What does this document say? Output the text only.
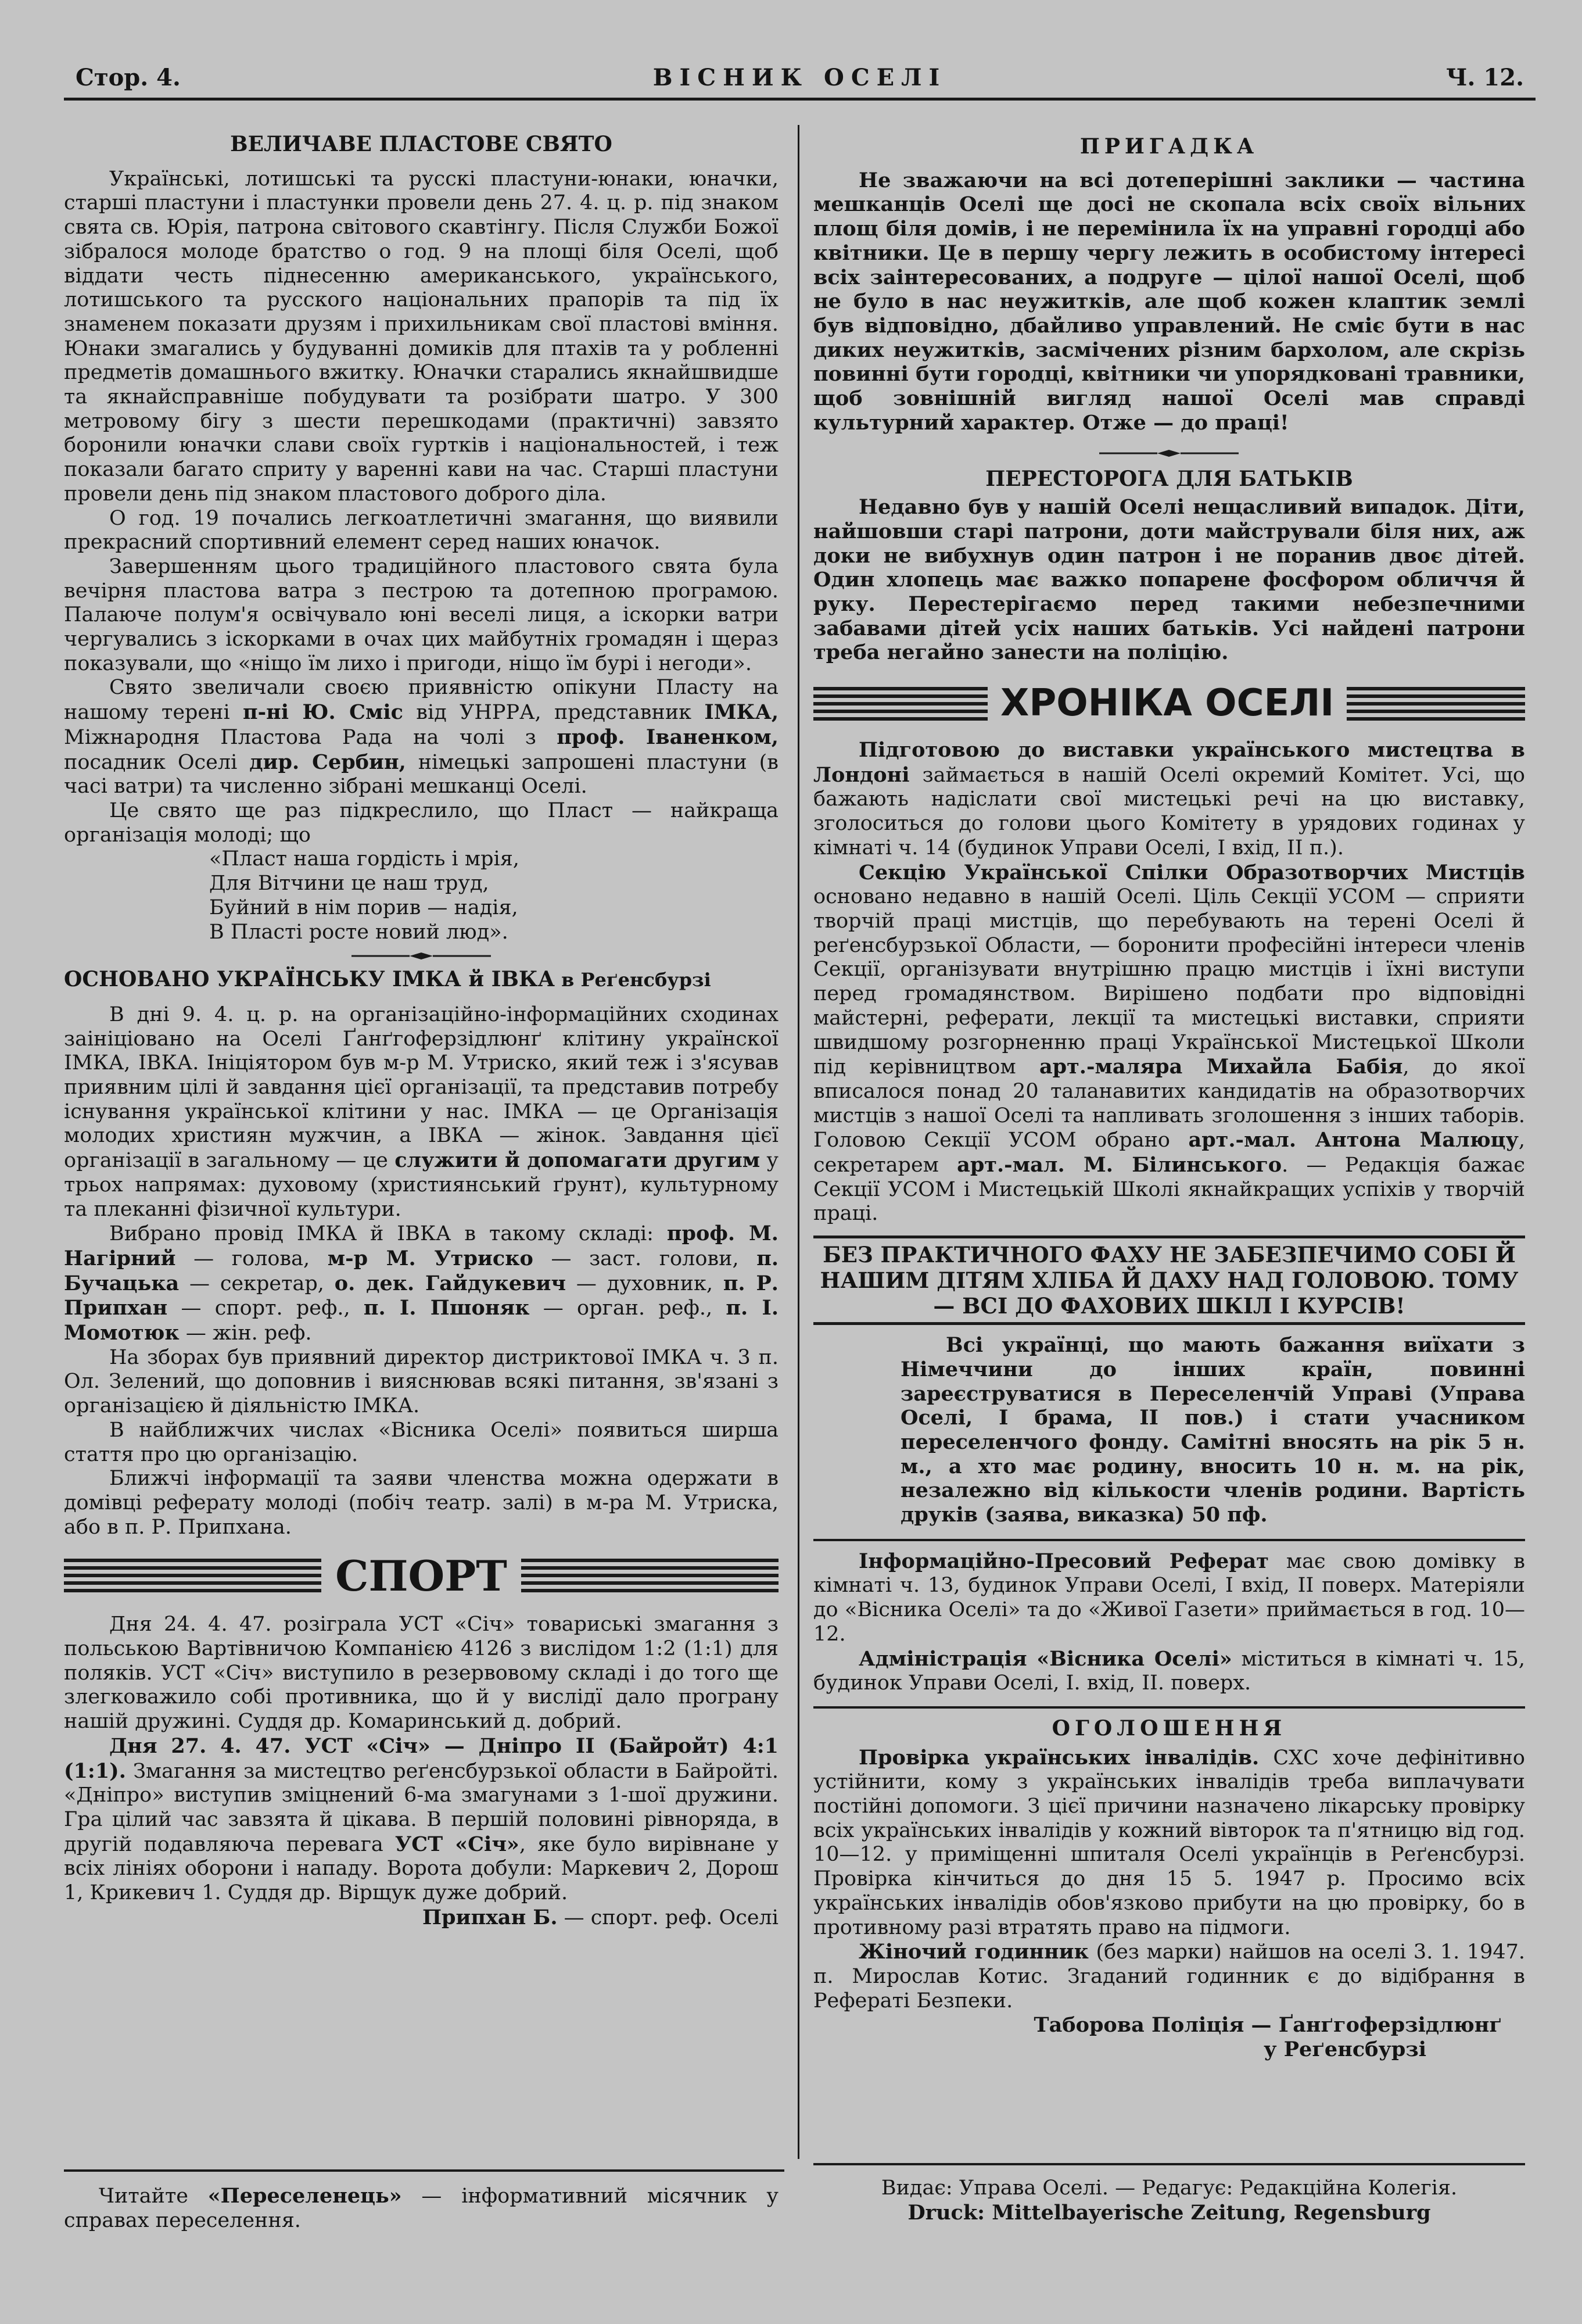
Стор. 4.	ВІСНИК ОСЕЛІ	Ч. 12.

ВЕЛИЧАВЕ ПЛАСТОВЕ СВЯТО

Українські, лотишські та русскі пластуни-юнаки, юначки, старші пластуни і пластунки провели день 27. 4. ц. р. під знаком свята св. Юрія, патрона світового скавтінгу. Після Служби Божої зібралося молоде братство о год. 9 на площі біля Оселі, щоб віддати честь піднесенню американського, українського, лотишського та русского національних прапорів та під їх знаменем показати друзям і прихильникам свої пластові вміння. Юнаки змагались у будуванні домиків для птахів та у робленні предметів домашнього вжитку. Юначки старались якнайшвидше та якнайсправніше побудувати та розібрати шатро. У 300 метровому бігу з шести перешкодами (практичні) завзято боронили юначки слави своїх гуртків і національностей, і теж показали багато сприту у варенні кави на час. Старші пластуни провели день під знаком пластового доброго діла.

О год. 19 почались легкоатлетичні змагання, що виявили прекрасний спортивний елемент серед наших юначок.

Завершенням цього традиційного пластового свята була вечірня пластова ватра з пестрою та дотепною програмою. Палаюче полум'я освічувало юні веселі лиця, а іскорки ватри чергувались з іскорками в очах цих майбутніх громадян і щераз показували, що «ніщо їм лихо і пригоди, ніщо їм бурі і негоди».

Свято звеличали своєю приявністю опікуни Пласту на нашому терені п-ні Ю. Сміс від УНРРА, представник ІМКА, Міжнародня Пластова Рада на чолі з проф. Іваненком, посадник Оселі дир. Сербин, німецькі запрошені пластуни (в часі ватри) та численно зібрані мешканці Оселі.

Це свято ще раз підкреслило, що Пласт — найкраща організація молоді; що

«Пласт наша гордість і мрія,
Для Вітчини це наш труд,
Буйний в нім порив — надія,
В Пласті росте новий люд».

ОСНОВАНО УКРАЇНСЬКУ ІМКА й ІВКА в Реґенсбурзі

В дні 9. 4. ц. р. на організаційно-інформаційних сходинах заініціовано на Оселі Ґанґгоферзідлюнґ клітину українскої ІМКА, ІВКА. Ініціятором був м-р М. Утриско, який теж і з'ясував приявним цілі й завдання цієї організації, та представив потребу існування української клітини у нас. ІМКА — це Організація молодих християн мужчин, а ІВКА — жінок. Завдання цієї організації в загальному — це служити й допомагати другим у трьох напрямах: духовому (християнський ґрунт), культурному та плеканні фізичної культури.

Вибрано провід ІМКА й ІВКА в такому складі: проф. М. Нагірний — голова, м-р М. Утриско — заст. голови, п. Бучацька — секретар, о. дек. Гайдукевич — духовник, п. Р. Припхан — спорт. реф., п. І. Пшоняк — орган. реф., п. І. Момотюк — жін. реф.

На зборах був приявний директор дистриктової ІМКА ч. 3 п. Ол. Зелений, що доповнив і вияснював всякі питання, зв'язані з організацією й діяльністю ІМКА.

В найближчих числах «Вісника Оселі» появиться ширша стаття про цю організацію.

Ближчі інформації та заяви членства можна одержати в домівці реферату молоді (побіч театр. залі) в м-ра М. Утриска, або в п. Р. Припхана.

СПОРТ

Дня 24. 4. 47. розіграла УСТ «Січ» товариські змагання з польською Вартівничою Компанією 4126 з вислідом 1:2 (1:1) для поляків. УСТ «Січ» виступило в резервовому складі і до того ще злегковажило собі противника, що й у вислідї дало програну нашій дружині. Суддя др. Комаринський д. добрий.

Дня 27. 4. 47. УСТ «Січ» — Дніпро II (Байройт) 4:1 (1:1). Змагання за мистецтво реґенсбурзької области в Байройті. «Дніпро» виступив зміцнений 6-ма змагунами з 1-шої дружини. Гра цілий час завзята й цікава. В першій половині рівноряда, в другій подавляюча перевага УСТ «Січ», яке було вирівнане у всіх лініях оборони і нападу. Ворота добули: Маркевич 2, Дорош 1, Крикевич 1. Суддя др. Вірщук дуже добрий.

Припхан Б. — спорт. реф. Оселі

Читайте «Переселенець» — інформативний місячник у справах переселення.

ПРИГАДКА

Не зважаючи на всі дотеперішні заклики — частина мешканців Оселі ще досі не скопала всіх своїх вільних площ біля домів, і не перемінила їх на управні городці або квітники. Це в першу чергу лежить в особистому інтересі всіх заінтересованих, а подруге — цілої нашої Оселі, щоб не було в нас неужитків, але щоб кожен клаптик землі був відповідно, дбайливо управлений. Не сміє бути в нас диких неужитків, засмічених різним бархолом, але скрізь повинні бути городці, квітники чи упорядковані травники, щоб зовнішній вигляд нашої Оселі мав справді культурний характер. Отже — до праці!

ПЕРЕСТОРОГА ДЛЯ БАТЬКІВ

Недавно був у нашій Оселі нещасливий випадок. Діти, найшовши старі патрони, доти майстрували біля них, аж доки не вибухнув один патрон і не поранив двоє дітей. Один хлопець має важко попарене фосфором обличчя й руку. Перестерігаємо перед такими небезпечними забавами дітей усіх наших батьків. Усі найдені патрони треба негайно занести на поліцію.

ХРОНІКА ОСЕЛІ

Підготовою до виставки українського мистецтва в Лондоні займається в нашій Оселі окремий Комітет. Усі, що бажають надіслати свої мистецькі речі на цю виставку, зголоситься до голови цього Комітету в урядових годинах у кімнаті ч. 14 (будинок Управи Оселі, І вхід, ІІ п.).

Секцію Української Спілки Образотворчих Мистців основано недавно в нашій Оселі. Ціль Секції УСОМ — сприяти творчій праці мистців, що перебувають на терені Оселі й реґенсбурзької Области, — боронити професійні інтереси членів Секції, організувати внутрішню працю мистців і їхні виступи перед громадянством. Вирішено подбати про відповідні майстерні, реферати, лекції та мистецькі виставки, сприяти швидшому розгорненню праці Української Мистецької Школи під керівництвом арт.-маляра Михайла Бабія, до якої вписалося понад 20 таланавитих кандидатів на образотворчих мистців з нашої Оселі та напливать зголошення з інших таборів. Головою Секції УСОМ обрано арт.-мал. Антона Малюцу, секретарем арт.-мал. М. Білинського. — Редакція бажає Секції УСОМ і Мистецькій Школі якнайкращих успіхів у творчій праці.

БЕЗ ПРАКТИЧНОГО ФАХУ НЕ ЗАБЕЗПЕЧИМО СОБІ Й НАШИМ ДІТЯМ ХЛІБА Й ДАХУ НАД ГОЛОВОЮ. ТОМУ — ВСІ ДО ФАХОВИХ ШКІЛ І КУРСІВ!

Всі українці, що мають бажання виїхати з Німеччини до інших країн, повинні зареєструватися в Переселенчій Управі (Управа Оселі, І брама, ІІ пов.) і стати учасником переселенчого фонду. Самітні вносять на рік 5 н. м., а хто має родину, вносить 10 н. м. на рік, незалежно від кількости членів родини. Вартість друків (заява, виказка) 50 пф.

Інформаційно-Пресовий Реферат має свою домівку в кімнаті ч. 13, будинок Управи Оселі, І вхід, ІІ поверх. Матеріяли до «Вісника Оселі» та до «Живої Газети» приймається в год. 10—12.

Адміністрація «Вісника Оселі» міститься в кімнаті ч. 15, будинок Управи Оселі, І. вхід, ІІ. поверх.

ОГОЛОШЕННЯ

Провірка українських інвалідів. СХС хоче дефінітивно устійнити, кому з українських інвалідів треба виплачувати постійні допомоги. З цієї причини назначено лікарську провірку всіх українських інвалідів у кожний вівторок та п'ятницю від год. 10—12. у приміщенні шпиталя Оселі українців в Реґенсбурзі. Провірка кінчиться до дня 15 5. 1947 р. Просимо всіх українських інвалідів обов'язково прибути на цю провірку, бо в противному разі втратять право на підмоги.

Жіночий годинник (без марки) найшов на оселі 3. 1. 1947. п. Мирослав Котис. Згаданий годинник є до відібрання в Рефераті Безпеки.

Таборова Поліція — Ґанґгоферзідлюнґ

у Реґенсбурзі

Видає: Управа Оселі. — Редагує: Редакційна Колегія.

Druck: Mittelbayerische Zeitung, Regensburg
